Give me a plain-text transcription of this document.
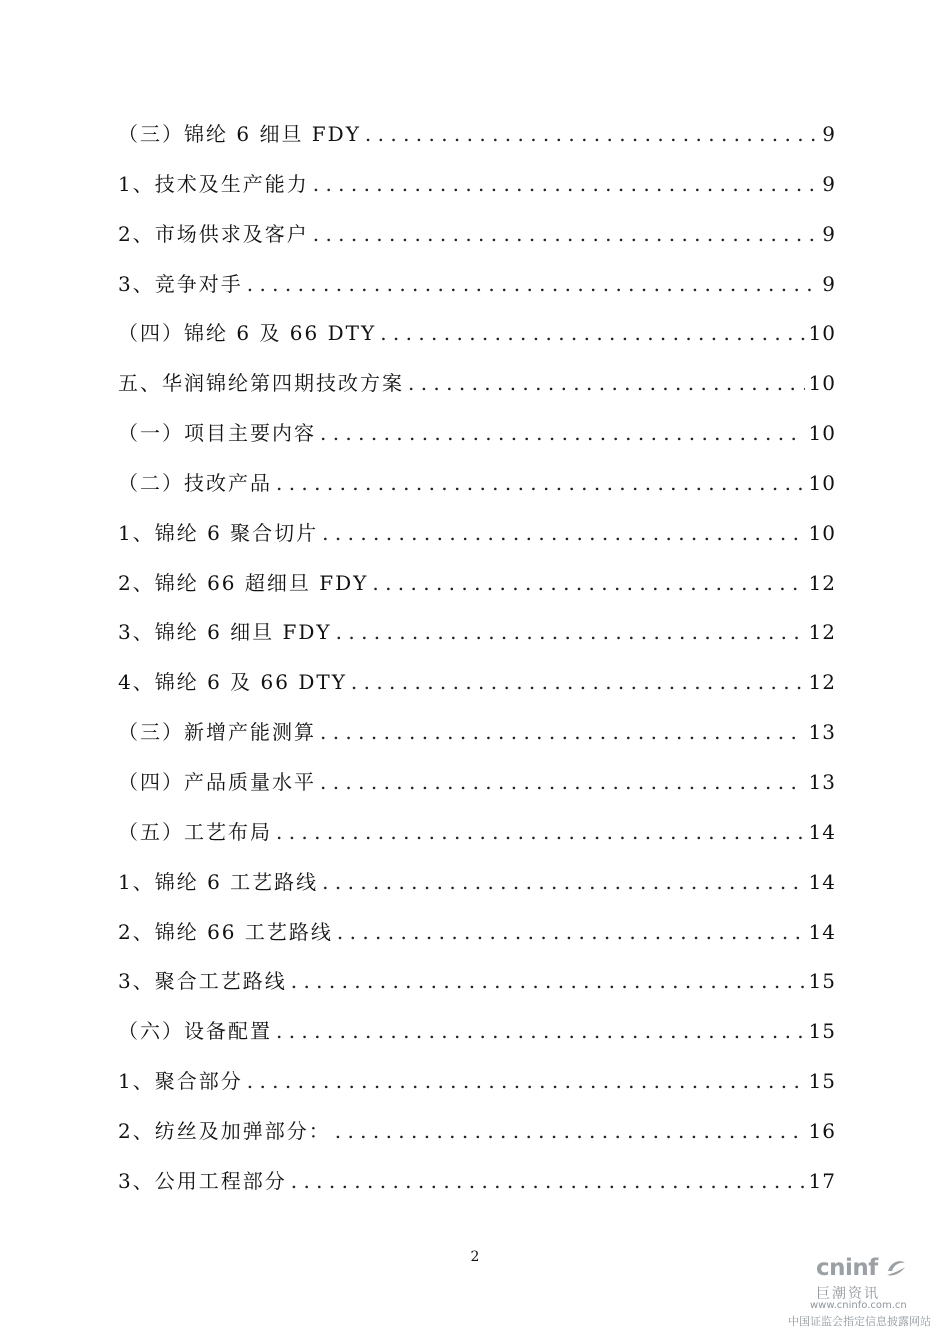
（三）锦纶 6 细旦 FDY . . .	9
1、技术及生产能力 . . .	9
2、市场供求及客户 . . .	9
3、竞争对手 . . .	9
（四）锦纶 6 及 66 DTY . . .	10
五、华润锦纶第四期技改方案 . . .	10
（一）项目主要内容 . . .	10
（二）技改产品 . . .	10
1、锦纶 6 聚合切片 . . .	10
2、锦纶 66 超细旦 FDY . . .	12
3、锦纶 6 细旦 FDY . . .	12
4、锦纶 6 及 66 DTY . . .	12
（三）新增产能测算 . . .	13
（四）产品质量水平 . . .	13
（五）工艺布局 . . .	14
1、锦纶 6 工艺路线 . . .	14
2、锦纶 66 工艺路线 . . .	14
3、聚合工艺路线 . . .	15
（六）设备配置 . . .	15
1、聚合部分 . . .	15
2、纺丝及加弹部分： . . .	16
3、公用工程部分 . . .	17
2	cninf
巨潮资讯
www.cninfo.com.cn
中国证监会指定信息披露网站
